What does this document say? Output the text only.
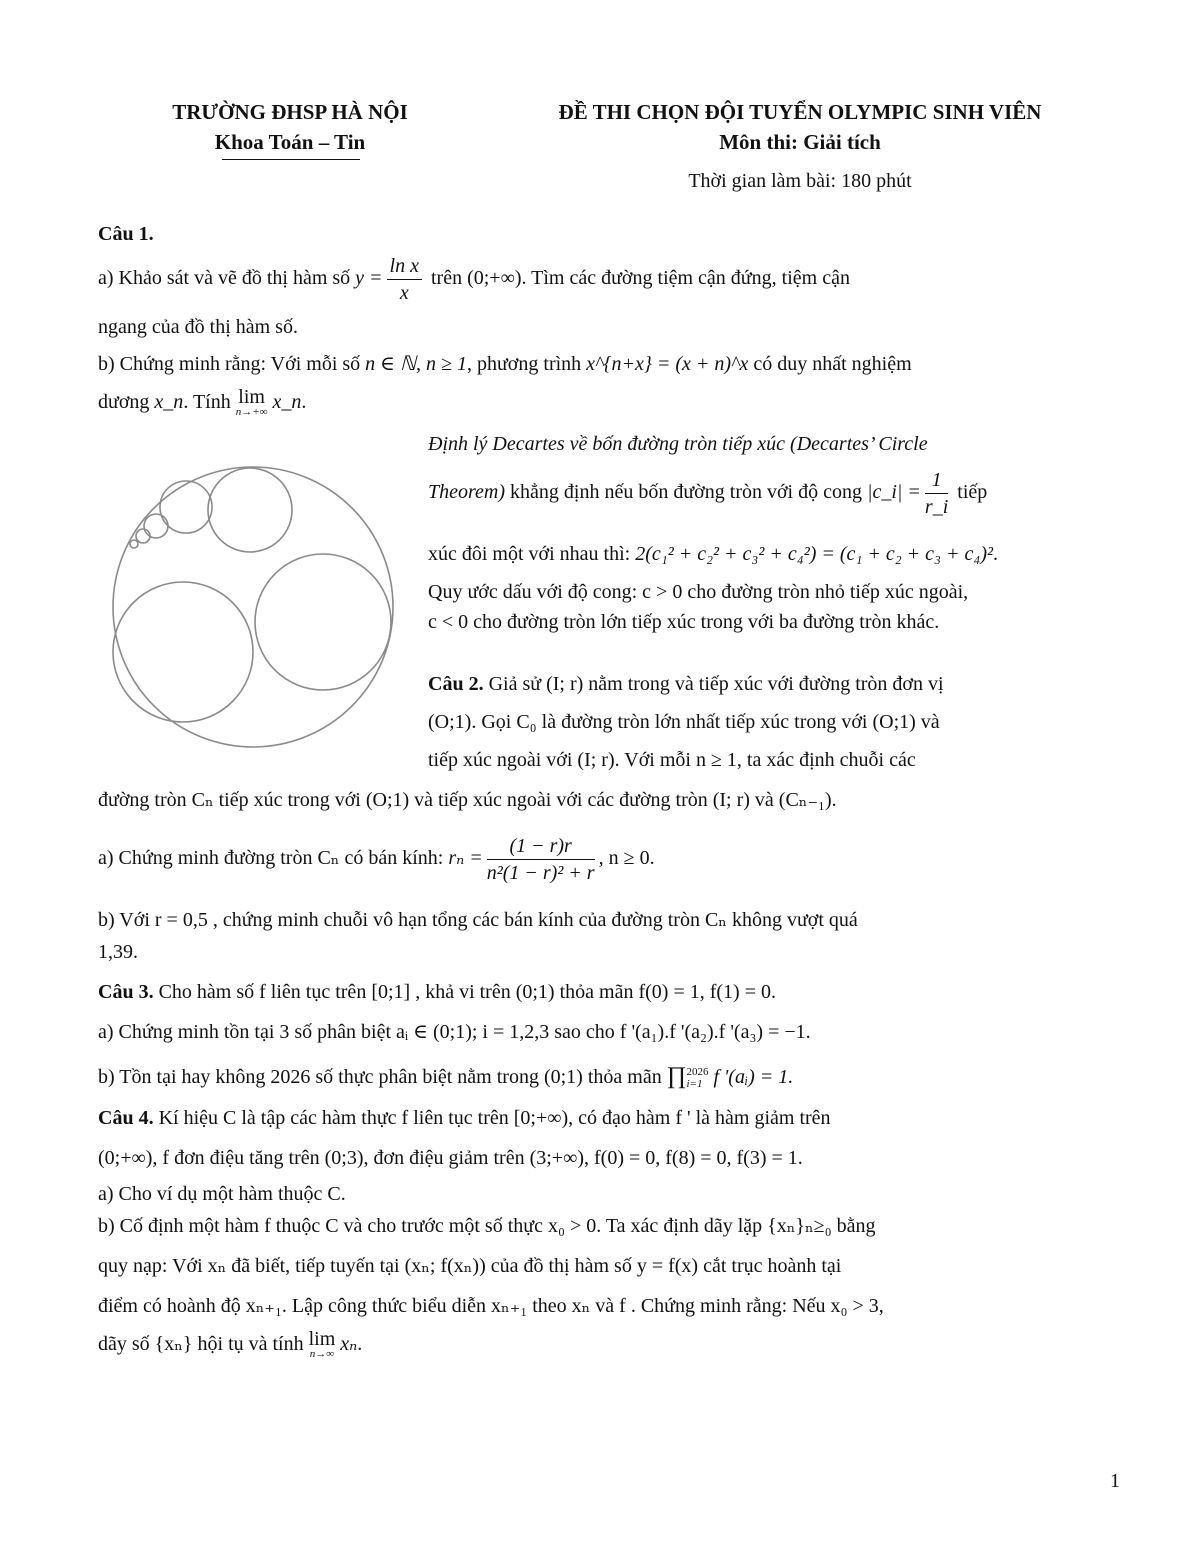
TRƯỜNG ĐHSP HÀ NỘI
Khoa Toán – Tin
ĐỀ THI CHỌN ĐỘI TUYỂN OLYMPIC SINH VIÊN
Môn thi: Giải tích
Thời gian làm bài: 180 phút
Câu 1.
a) Khảo sát và vẽ đồ thị hàm số $y = \frac{\text{ln x}}{x}$ trên (0;+∞). Tìm các đường tiệm cận đứng, tiệm cận
ngang của đồ thị hàm số.
b) Chứng minh rằng: Với mỗi số n ∈ ℕ, n ≥ 1, phương trình x^{n+x} = (x + n)^x có duy nhất nghiệm
dương x_n. Tính lim
n→+∞ x_n.
Định lý Decartes về bốn đường tròn tiếp xúc (Decartes’ Circle
Theorem) khẳng định nếu bốn đường tròn với độ cong |c_i| = $\frac{1}{r\_i}$ tiếp
xúc đôi một với nhau thì: 2(c₁² + c₂² + c₃² + c₄²) = (c₁ + c₂ + c₃ + c₄)².
Quy ước dấu với độ cong: c > 0 cho đường tròn nhỏ tiếp xúc ngoài,
c < 0 cho đường tròn lớn tiếp xúc trong với ba đường tròn khác.
Câu 2. Giả sử (I; r) nằm trong và tiếp xúc với đường tròn đơn vị
(O;1). Gọi C₀ là đường tròn lớn nhất tiếp xúc trong với (O;1) và
tiếp xúc ngoài với (I; r). Với mỗi n ≥ 1, ta xác định chuỗi các
đường tròn Cₙ tiếp xúc trong với (O;1) và tiếp xúc ngoài với các đường tròn (I; r) và (Cₙ₋₁).
a) Chứng minh đường tròn Cₙ có bán kính: $r_n = \frac{(1 - r)r}{\text{n²(1 − r)² + r}}$ , n ≥ 0.
b) Với r = 0,5 , chứng minh chuỗi vô hạn tổng các bán kính của đường tròn Cₙ không vượt quá
1,39.
Câu 3. Cho hàm số f liên tục trên [0;1] , khả vi trên (0;1) thỏa mãn f(0) = 1, f(1) = 0.
a) Chứng minh tồn tại 3 số phân biệt aᵢ ∈ (0;1); i = 1,2,3 sao cho f '(a₁).f '(a₂).f '(a₃) = −1.
b) Tồn tại hay không 2026 số thực phân biệt nằm trong (0;1) thỏa mãn ∏ 2026
i=1 f '(aᵢ) = 1.
Câu 4. Kí hiệu C là tập các hàm thực f liên tục trên [0;+∞), có đạo hàm f ' là hàm giảm trên
(0;+∞), f đơn điệu tăng trên (0;3), đơn điệu giảm trên (3;+∞), f(0) = 0, f(8) = 0, f(3) = 1.
a) Cho ví dụ một hàm thuộc C.
b) Cố định một hàm f thuộc C và cho trước một số thực x₀ > 0. Ta xác định dãy lặp {xₙ}ₙ≥₀ bằng
quy nạp: Với xₙ đã biết, tiếp tuyến tại (xₙ; f(xₙ)) của đồ thị hàm số y = f(x) cắt trục hoành tại
điểm có hoành độ xₙ₊₁. Lập công thức biểu diễn xₙ₊₁ theo xₙ và f . Chứng minh rằng: Nếu x₀ > 3,
dãy số {xₙ} hội tụ và tính lim
n→∞ xₙ.
1
